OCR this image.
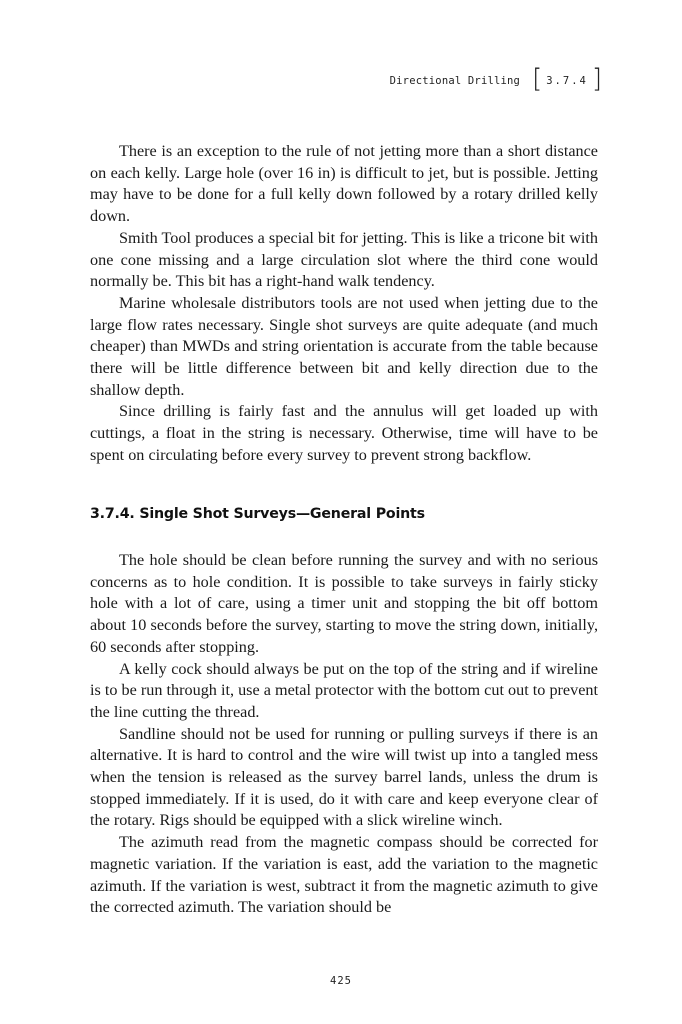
Directional Drilling [ 3.7.4 ]

There is an exception to the rule of not jetting more than a short distance on each kelly. Large hole (over 16 in) is difficult to jet, but is possible. Jetting may have to be done for a full kelly down followed by a rotary drilled kelly down.

Smith Tool produces a special bit for jetting. This is like a tricone bit with one cone missing and a large circulation slot where the third cone would normally be. This bit has a right-hand walk tendency.

Marine wholesale distributors tools are not used when jetting due to the large flow rates necessary. Single shot surveys are quite adequate (and much cheaper) than MWDs and string orientation is accurate from the table because there will be little difference between bit and kelly direction due to the shallow depth.

Since drilling is fairly fast and the annulus will get loaded up with cuttings, a float in the string is necessary. Otherwise, time will have to be spent on circulating before every survey to prevent strong backflow.

3.7.4. Single Shot Surveys—General Points

The hole should be clean before running the survey and with no serious concerns as to hole condition. It is possible to take surveys in fairly sticky hole with a lot of care, using a timer unit and stopping the bit off bottom about 10 seconds before the survey, starting to move the string down, initially, 60 seconds after stopping.

A kelly cock should always be put on the top of the string and if wireline is to be run through it, use a metal protector with the bottom cut out to prevent the line cutting the thread.

Sandline should not be used for running or pulling surveys if there is an alternative. It is hard to control and the wire will twist up into a tangled mess when the tension is released as the survey barrel lands, unless the drum is stopped immediately. If it is used, do it with care and keep everyone clear of the rotary. Rigs should be equipped with a slick wireline winch.

The azimuth read from the magnetic compass should be corrected for magnetic variation. If the variation is east, add the variation to the magnetic azimuth. If the variation is west, subtract it from the magnetic azimuth to give the corrected azimuth. The variation should be

425
